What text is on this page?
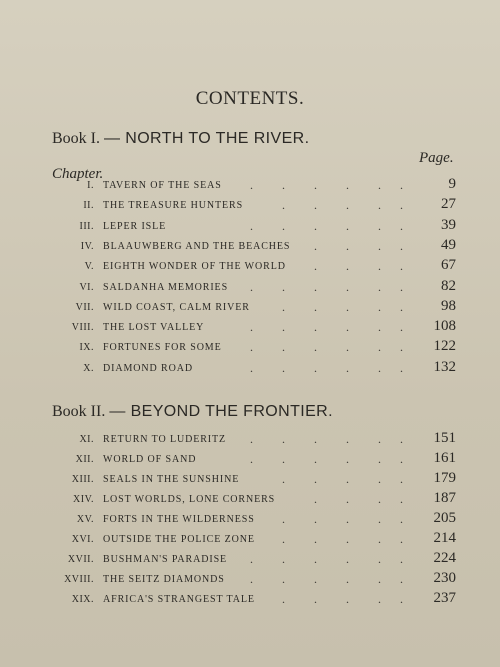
CONTENTS.
Book I. — NORTH TO THE RIVER.
Page.
Chapter.
I. TAVERN OF THE SEAS . . . . . .	9
II. THE TREASURE HUNTERS	. . . . .	27
III. LEPER ISLE	. . . . . .	39
IV. BLAAUWBERG AND THE BEACHES . . . .	49
V. EIGHTH WONDER OF THE WORLD . . . .	67
VI. SALDANHA MEMORIES . . . . . .	82
VII. WILD COAST, CALM RIVER	. . . . .	98
VIII. THE LOST VALLEY	. . . . . .	108
IX. FORTUNES FOR SOME . . . . . .	122
X. DIAMOND ROAD	. . . . . .	132
Book II. — BEYOND THE FRONTIER.
XI. RETURN TO LUDERITZ . . . . . .	151
XII. WORLD OF SAND	. . . . . .	161
XIII. SEALS IN THE SUNSHINE	. . . . .	179
XIV. LOST WORLDS, LONE CORNERS	. . . .	187
XV. FORTS IN THE WILDERNESS . . . . .	205
XVI. OUTSIDE THE POLICE ZONE . . . . .	214
XVII. BUSHMAN'S PARADISE . . . . . .	224
XVIII. THE SEITZ DIAMONDS . . . . . .	230
XIX. AFRICA'S STRANGEST TALE . . . . .	237
